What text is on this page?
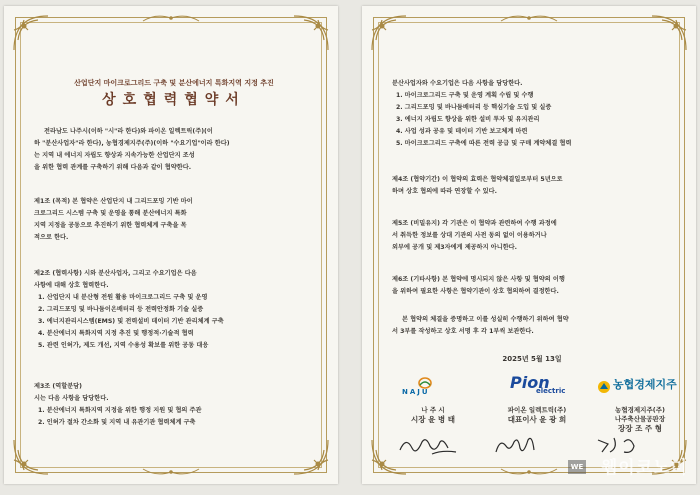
산업단지 마이크로그리드 구축 및 분산에너지 특화지역 지정 추진
상호협력협약서
전라남도 나주시(이하 "시"라 한다)와 파이온 일렉트릭(주)(이
하 "분산사업자"라 한다), 농협경제지주(주)(이하 "수요기업"이라 한다)
는 지역 내 에너지 자립도 향상과 지속가능한 산업단지 조성
을 위한 협력 관계를 구축하기 위해 다음과 같이 협약한다.
제1조 (목적) 본 협약은 산업단지 내 그리드포밍 기반 마이
크로그리드 시스템 구축 및 운영을 통해 분산에너지 특화
지역 지정을 공동으로 추진하기 위한 협력체계 구축을 목
적으로 한다.
제2조 (협력사항) 시와 분산사업자, 그리고 수요기업은 다음
사항에 대해 상호 협력한다.
1. 산업단지 내 분산형 전원 활용 마이크로그리드 구축 및 운영
2. 그리드포밍 및 바나듐이온배터리 등 전력안정화 기술 실증
3. 에너지관리시스템(EMS) 및 전력설비 데이터 기반 관리체계 구축
4. 분산에너지 특화지역 지정 추진 및 행정적·기술적 협력
5. 관련 인허가, 제도 개선, 지역 수용성 확보를 위한 공동 대응
제3조 (역할분담)
시는 다음 사항을 담당한다.
1. 분산에너지 특화지역 지정을 위한 행정 지원 및 협의 주관
2. 인허가 절차 간소화 및 지역 내 유관기관 협력체계 구축
분산사업자와 수요기업은 다음 사항을 담당한다.
1. 마이크로그리드 구축 및 운영 계획 수립 및 수행
2. 그리드포밍 및 바나듐배터리 등 핵심기술 도입 및 실증
3. 에너지 자립도 향상을 위한 설비 투자 및 유지관리
4. 사업 성과 공유 및 데이터 기반 보고체계 마련
5. 마이크로그리드 구축에 따른 전력 공급 및 구매 계약체결 협력
제4조 (협약기간) 이 협약의 효력은 협약체결일로부터 5년으로
하며 상호 협의에 따라 연장할 수 있다.
제5조 (비밀유지) 각 기관은 이 협약과 관련하여 수행 과정에
서 취득한 정보를 상대 기관의 사전 동의 없이 이용하거나
외부에 공개 및 제3자에게 제공하지 아니한다.
제6조 (기타사항) 본 협약에 명시되지 않은 사항 및 협약의 이행
을 위하여 필요한 사항은 협약기관이 상호 협의하여 결정한다.
본 협약의 체결을 증명하고 이를 성실히 수행하기 위하여 협약
서 3부를 작성하고 상호 서명 후 각 1부씩 보관한다.
2025년 5월 13일
NAJU	Pion
electric	농협경제지주
나 주 시
시장 윤 병 태
파이온 일렉트릭(주)
대표이사 윤 광 희
농협경제지주(주)
나주축산물공판장
장장 조 주 형
WE 웹이코노미
